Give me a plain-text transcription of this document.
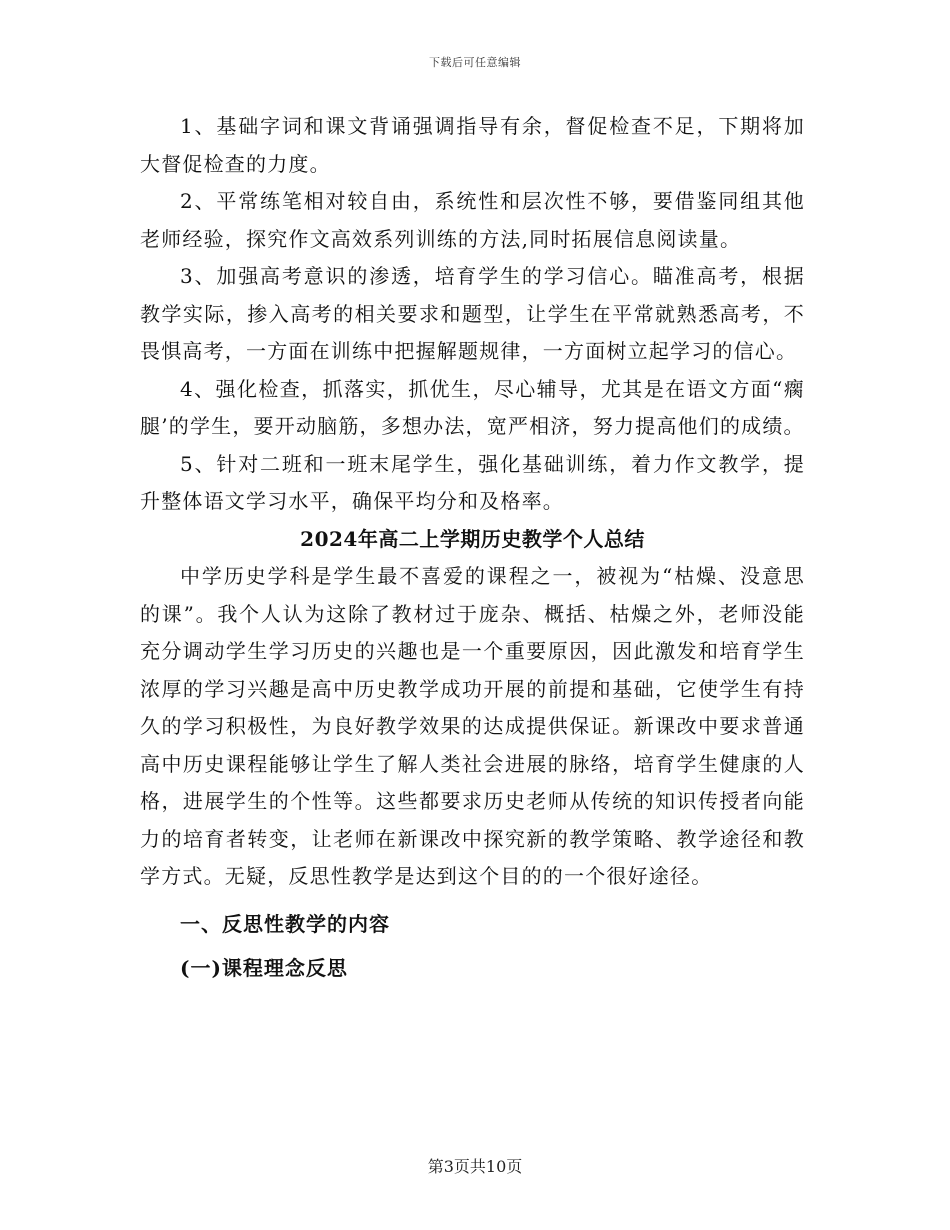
下载后可任意编辑

1、基础字词和课文背诵强调指导有余，督促检查不足，下期将加大督促检查的力度。

2、平常练笔相对较自由，系统性和层次性不够，要借鉴同组其他老师经验，探究作文高效系列训练的方法,同时拓展信息阅读量。

3、加强高考意识的渗透，培育学生的学习信心。瞄准高考，根据教学实际，掺入高考的相关要求和题型，让学生在平常就熟悉高考，不畏惧高考，一方面在训练中把握解题规律，一方面树立起学习的信心。

4、强化检查，抓落实，抓优生，尽心辅导，尤其是在语文方面“瘸腿’的学生，要开动脑筋，多想办法，宽严相济，努力提高他们的成绩。

5、针对二班和一班末尾学生，强化基础训练，着力作文教学，提升整体语文学习水平，确保平均分和及格率。

2024年高二上学期历史教学个人总结

中学历史学科是学生最不喜爱的课程之一，被视为“枯燥、没意思的课”。我个人认为这除了教材过于庞杂、概括、枯燥之外，老师没能充分调动学生学习历史的兴趣也是一个重要原因，因此激发和培育学生浓厚的学习兴趣是高中历史教学成功开展的前提和基础，它使学生有持久的学习积极性，为良好教学效果的达成提供保证。新课改中要求普通高中历史课程能够让学生了解人类社会进展的脉络，培育学生健康的人格，进展学生的个性等。这些都要求历史老师从传统的知识传授者向能力的培育者转变，让老师在新课改中探究新的教学策略、教学途径和教学方式。无疑，反思性教学是达到这个目的的一个很好途径。

一、反思性教学的内容
(一)课程理念反思
第3页共10页
